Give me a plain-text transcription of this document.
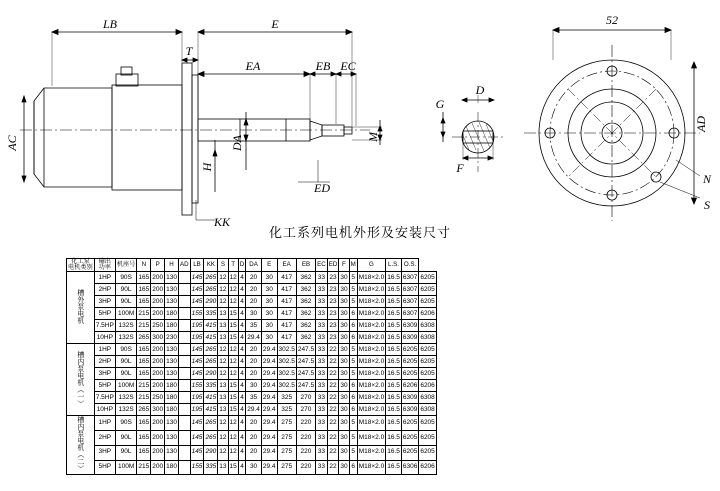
LB	E
T
EA	EB EC
AC	DA
H
M
ED
KK
G
D
F
AD
N
S
52
化工系列电机外形及安装尺寸
化工泵
电机类别	输出
功率	机座号	N	P	H	AD	LB	KK	S	T	D	DA	E	EA	EB	EC	ED	F	M	G	L.S.	O.S.	
槽外泵电机	1HP	90S	165	200	130		145	265	12	12	4	20	30	417	362	33	23	30	5	M18×2.0	16.5	6307	6205
	2HP	90L	165	200	130		145	265	12	12	4	20	30	417	362	33	23	30	5	M18×2.0	16.5	6307	6205
	3HP	90L	165	200	130		145	290	12	12	4	20	30	417	362	33	23	30	5	M18×2.0	16.5	6307	6205
	5HP	100M	215	200	180		155	335	13	15	4	30	30	417	362	33	23	30	6	M18×2.0	16.5	6307	6206
	7.5HP	132S	215	250	180		195	415	13	15	4	35	30	417	362	33	23	30	6	M18×2.0	16.5	6309	6308
	10HP	132S	265	300	230		195	415	13	15	4	29.4	30	417	362	33	23	30	6	M18×2.0	16.5	6309	6308
槽内泵电机（一）	1HP	90S	165	200	130		145	265	12	12	4	20	29.4	302.5	247.5	33	22	30	5	M18×2.0	16.5	6205	6205
	2HP	90L	165	200	130		145	265	12	12	4	20	29.4	302.5	247.5	33	22	30	5	M18×2.0	16.5	6205	6205
	3HP	90L	165	200	130		145	290	12	12	4	20	29.4	302.5	247.5	33	22	30	5	M18×2.0	16.5	6205	6205
	5HP	100M	215	200	180		155	335	13	15	4	30	29.4	302.5	247.5	33	22	30	6	M18×2.0	16.5	6206	6206
	7.5HP	132S	215	250	180		195	415	13	15	4	35	29.4	325	270	33	22	30	6	M18×2.0	16.5	6309	6308
	10HP	132S	265	300	180		195	415	13	15	4	29.4	29.4	325	270	33	22	30	6	M18×2.0	16.5	6309	6308
槽内泵电机（二）	1HP	90S	165	200	130		145	265	12	12	4	20	29.4	275	220	33	22	30	5	M18×2.0	16.5	6205	6205
	2HP	90L	165	200	130		145	265	12	12	4	20	29.4	275	220	33	22	30	5	M18×2.0	16.5	6205	6205
	3HP	90L	165	200	130		145	290	12	12	4	20	29.4	275	220	33	22	30	5	M18×2.0	16.5	6205	6205
	5HP	100M	215	200	180		155	335	13	15	4	30	29.4	275	220	33	22	30	6	M18×2.0	16.5	6306	6206
